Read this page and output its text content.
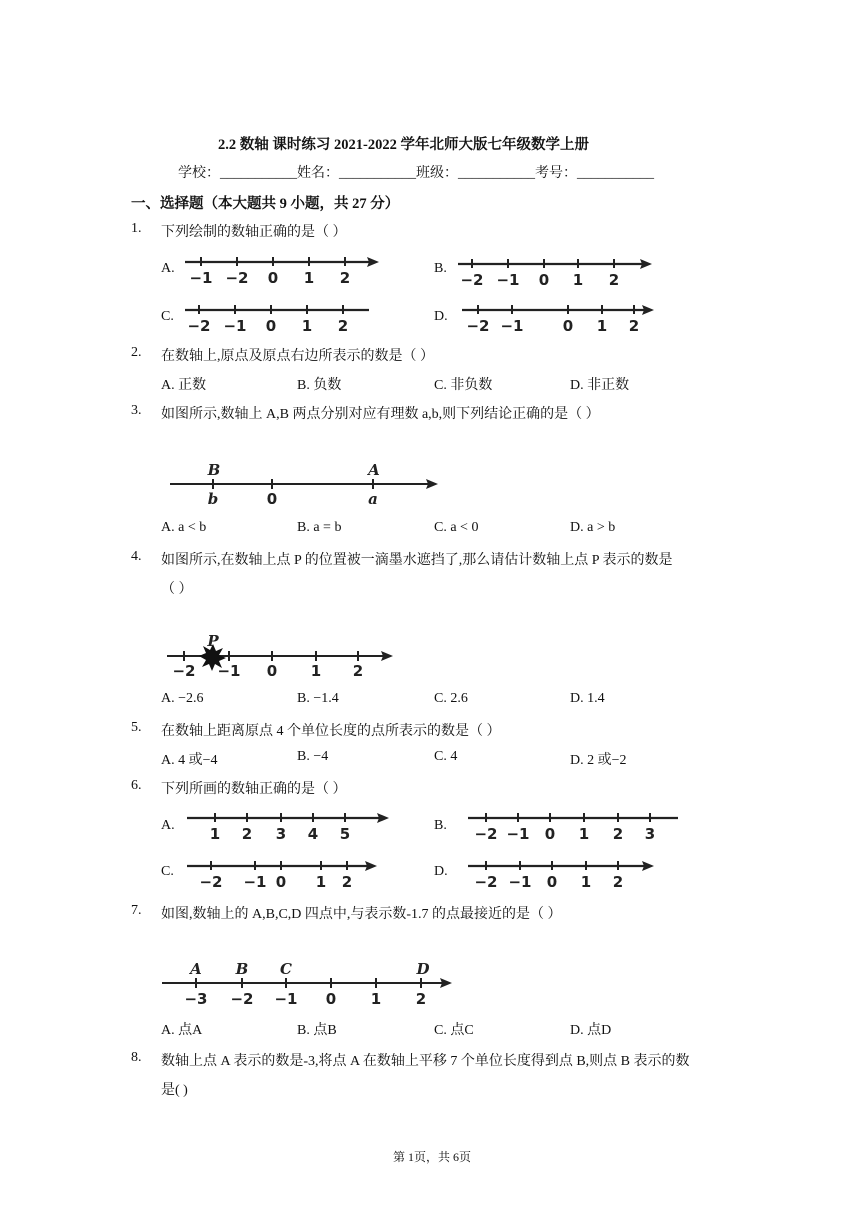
2.2 数轴 课时练习 2021-2022 学年北师大版七年级数学上册
学校：___________姓名：___________班级：___________考号：___________
一、选择题（本大题共 9 小题，共 27 分）
1. 下列绘制的数轴正确的是（ ）
A.
−1 −2 0 1 2
B.
−2 −1 0 1 2
C.
−2 −1 0 1 2
D.
−2 −1	0 1 2
2. 在数轴上,原点及原点右边所表示的数是（ ）
A. 正数	B. 负数	C. 非负数	D. 非正数
3. 如图所示,数轴上 A,B 两点分别对应有理数 a,b,则下列结论正确的是（ ）
B	A
b	0	a
A. a < b	B. a = b	C. a < 0	D. a > b
4. 如图所示,在数轴上点 P 的位置被一滴墨水遮挡了,那么请估计数轴上点 P 表示的数是
（ ）
P
−2 −1 0 1 2
A. −2.6	B. −1.4	C. 2.6	D. 1.4
5. 在数轴上距离原点 4 个单位长度的点所表示的数是（ ）
A. 4 或−4	B. −4	C. 4	D. 2 或−2
6. 下列所画的数轴正确的是（ ）
A. 1 2 3 4 5	B. −2 −1 0 1 2 3
C.
−2 −1 0 1 2
D.
−2 −1 0 1 2
7. 如图,数轴上的 A,B,C,D 四点中,与表示数-1.7 的点最接近的是（ ）
A B C	D
−3 −2 −1 0 1 2
A. 点A	B. 点B	C. 点C	D. 点D
8. 数轴上点 A 表示的数是-3,将点 A 在数轴上平移 7 个单位长度得到点 B,则点 B 表示的数
是( )
第 1页，共 6页
